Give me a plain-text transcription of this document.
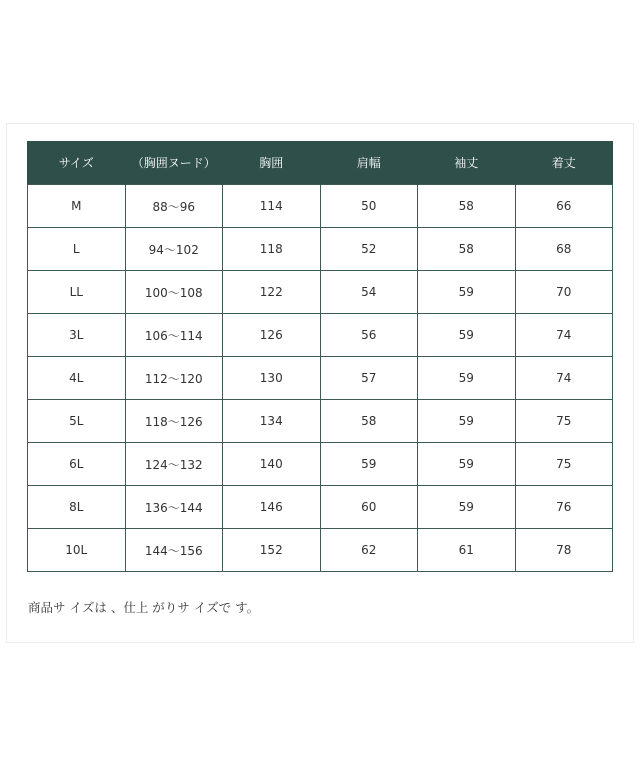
サイズ	（胸囲ヌード）	胸囲	肩幅	袖丈	着丈
M	88〜96	114	50	58	66
L	94〜102	118	52	58	68
LL	100〜108	122	54	59	70
3L	106〜114	126	56	59	74
4L	112〜120	130	57	59	74
5L	118〜126	134	58	59	75
6L	124〜132	140	59	59	75
8L	136〜144	146	60	59	76
10L	144〜156	152	62	61	78
商品サ イズは 、仕上 がりサ イズで す。
